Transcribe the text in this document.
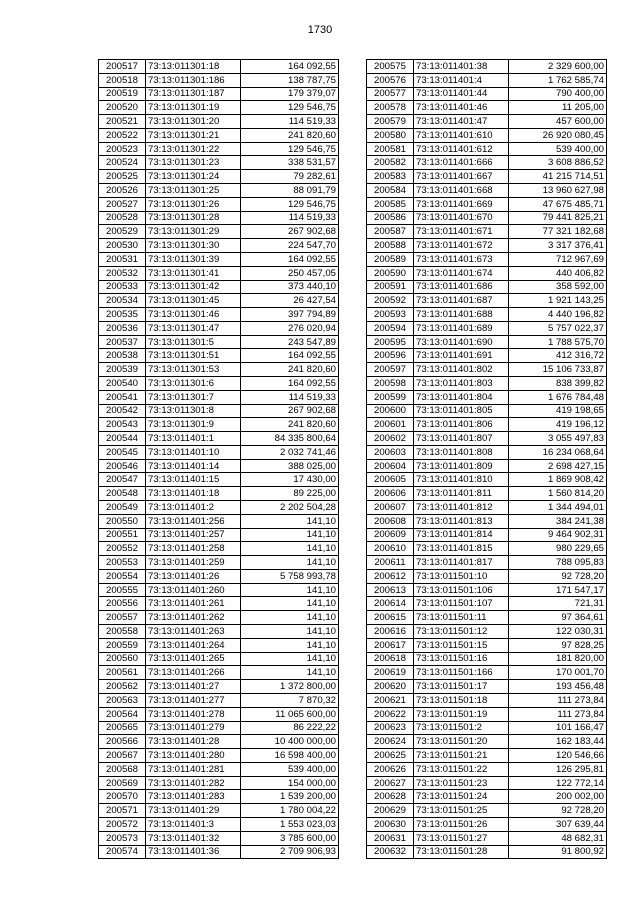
1730
200517	73:13:011301:18	164 092,55
200518	73:13:011301:186	138 787,75
200519	73:13:011301:187	179 379,07
200520	73:13:011301:19	129 546,75
200521	73:13:011301:20	114 519,33
200522	73:13:011301:21	241 820,60
200523	73:13:011301:22	129 546,75
200524	73:13:011301:23	338 531,57
200525	73:13:011301:24	79 282,61
200526	73:13:011301:25	88 091,79
200527	73:13:011301:26	129 546,75
200528	73:13:011301:28	114 519,33
200529	73:13:011301:29	267 902,68
200530	73:13:011301:30	224 547,70
200531	73:13:011301:39	164 092,55
200532	73:13:011301:41	250 457,05
200533	73:13:011301:42	373 440,10
200534	73:13:011301:45	26 427,54
200535	73:13:011301:46	397 794,89
200536	73:13:011301:47	276 020,94
200537	73:13:011301:5	243 547,89
200538	73:13:011301:51	164 092,55
200539	73:13:011301:53	241 820,60
200540	73:13:011301:6	164 092,55
200541	73:13:011301:7	114 519,33
200542	73:13:011301:8	267 902,68
200543	73:13:011301:9	241 820,60
200544	73:13:011401:1	84 335 800,64
200545	73:13:011401:10	2 032 741,46
200546	73:13:011401:14	388 025,00
200547	73:13:011401:15	17 430,00
200548	73:13:011401:18	89 225,00
200549	73:13:011401:2	2 202 504,28
200550	73:13:011401:256	141,10
200551	73:13:011401:257	141,10
200552	73:13:011401:258	141,10
200553	73:13:011401:259	141,10
200554	73:13:011401:26	5 758 993,78
200555	73:13:011401:260	141,10
200556	73:13:011401:261	141,10
200557	73:13:011401:262	141,10
200558	73:13:011401:263	141,10
200559	73:13:011401:264	141,10
200560	73:13:011401:265	141,10
200561	73:13:011401:266	141,10
200562	73:13:011401:27	1 372 800,00
200563	73:13:011401:277	7 870,32
200564	73:13:011401:278	11 065 600,00
200565	73:13:011401:279	86 222,22
200566	73:13:011401:28	10 400 000,00
200567	73:13:011401:280	16 598 400,00
200568	73:13:011401:281	539 400,00
200569	73:13:011401:282	154 000,00
200570	73:13:011401:283	1 539 200,00
200571	73:13:011401:29	1 780 004,22
200572	73:13:011401:3	1 553 023,03
200573	73:13:011401:32	3 785 600,00
200574	73:13:011401:36	2 709 906,93
200575	73:13:011401:38	2 329 600,00
200576	73:13:011401:4	1 762 585,74
200577	73:13:011401:44	790 400,00
200578	73:13:011401:46	11 205,00
200579	73:13:011401:47	457 600,00
200580	73:13:011401:610	26 920 080,45
200581	73:13:011401:612	539 400,00
200582	73:13:011401:666	3 608 886,52
200583	73:13:011401:667	41 215 714,51
200584	73:13:011401:668	13 960 627,98
200585	73:13:011401:669	47 675 485,71
200586	73:13:011401:670	79 441 825,21
200587	73:13:011401:671	77 321 182,68
200588	73:13:011401:672	3 317 376,41
200589	73:13:011401:673	712 967,69
200590	73:13:011401:674	440 406,82
200591	73:13:011401:686	358 592,00
200592	73:13:011401:687	1 921 143,25
200593	73:13:011401:688	4 440 196,82
200594	73:13:011401:689	5 757 022,37
200595	73:13:011401:690	1 788 575,70
200596	73:13:011401:691	412 316,72
200597	73:13:011401:802	15 106 733,87
200598	73:13:011401:803	838 399,82
200599	73:13:011401:804	1 676 784,48
200600	73:13:011401:805	419 198,65
200601	73:13:011401:806	419 196,12
200602	73:13:011401:807	3 055 497,83
200603	73:13:011401:808	16 234 068,64
200604	73:13:011401:809	2 698 427,15
200605	73:13:011401:810	1 869 908,42
200606	73:13:011401:811	1 560 814,20
200607	73:13:011401:812	1 344 494,01
200608	73:13:011401:813	384 241,38
200609	73:13:011401:814	9 464 902,31
200610	73:13:011401:815	980 229,65
200611	73:13:011401:817	788 095,83
200612	73:13:011501:10	92 728,20
200613	73:13:011501:106	171 547,17
200614	73:13:011501:107	721,31
200615	73:13:011501:11	97 364,61
200616	73:13:011501:12	122 030,31
200617	73:13:011501:15	97 828,25
200618	73:13:011501:16	181 820,00
200619	73:13:011501:166	170 001,70
200620	73:13:011501:17	193 456,48
200621	73:13:011501:18	111 273,84
200622	73:13:011501:19	111 273,84
200623	73:13:011501:2	101 166,47
200624	73:13:011501:20	162 183,44
200625	73:13:011501:21	120 546,66
200626	73:13:011501:22	126 295,81
200627	73:13:011501:23	122 772,14
200628	73:13:011501:24	200 002,00
200629	73:13:011501:25	92 728,20
200630	73:13:011501:26	307 639,44
200631	73:13:011501:27	48 682,31
200632	73:13:011501:28	91 800,92
